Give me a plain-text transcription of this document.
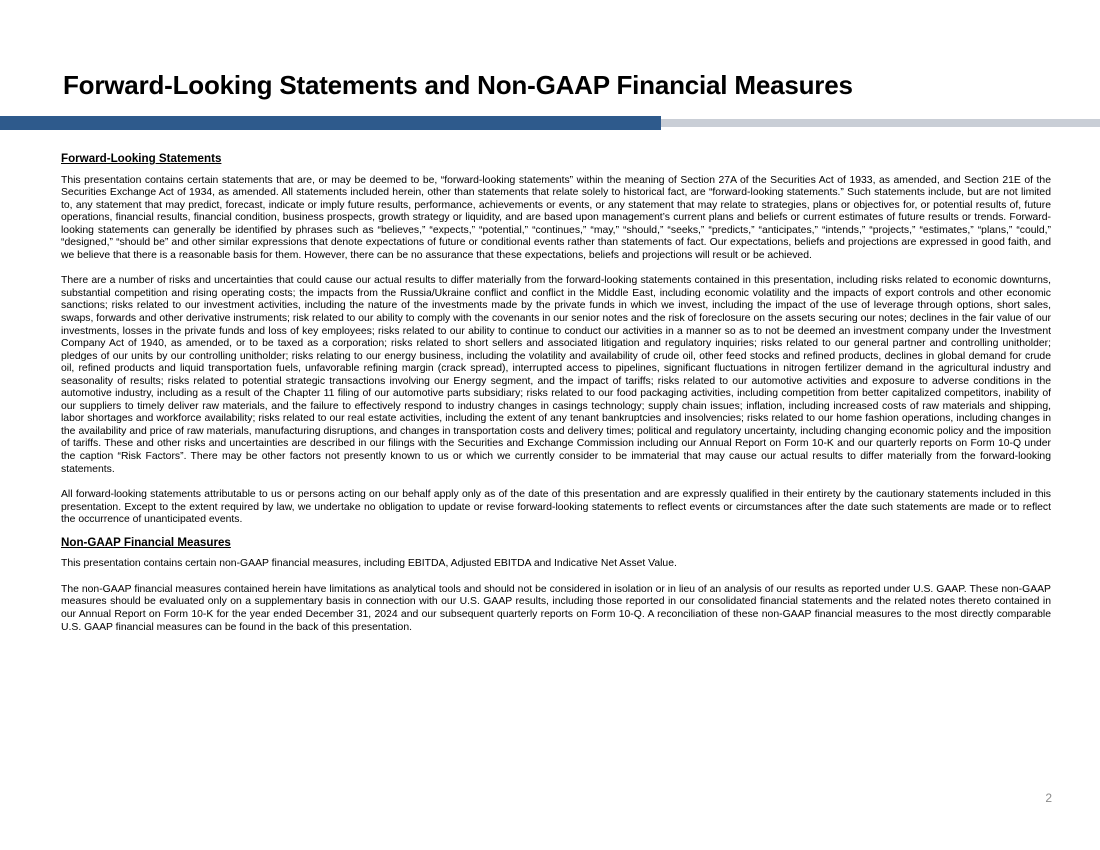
Forward-Looking Statements and Non-GAAP Financial Measures
Forward-Looking Statements

This presentation contains certain statements that are, or may be deemed to be, “forward-looking statements” within the meaning of Section 27A of the Securities Act of 1933, as amended, and Section 21E of the Securities Exchange Act of 1934, as amended. All statements included herein, other than statements that relate solely to historical fact, are “forward-looking statements.” Such statements include, but are not limited to, any statement that may predict, forecast, indicate or imply future results, performance, achievements or events, or any statement that may relate to strategies, plans or objectives for, or potential results of, future operations, financial results, financial condition, business prospects, growth strategy or liquidity, and are based upon management’s current plans and beliefs or current estimates of future results or trends. Forward-looking statements can generally be identified by phrases such as “believes,” “expects,” “potential,” “continues,” “may,” “should,” “seeks,” “predicts,” “anticipates,” “intends,” “projects,” “estimates,” “plans,” “could,” “designed,” “should be” and other similar expressions that denote expectations of future or conditional events rather than statements of fact. Our expectations, beliefs and projections are expressed in good faith, and we believe that there is a reasonable basis for them. However, there can be no assurance that these expectations, beliefs and projections will result or be achieved.

There are a number of risks and uncertainties that could cause our actual results to differ materially from the forward-looking statements contained in this presentation, including risks related to economic downturns, substantial competition and rising operating costs; the impacts from the Russia/Ukraine conflict and conflict in the Middle East, including economic volatility and the impacts of export controls and other economic sanctions; risks related to our investment activities, including the nature of the investments made by the private funds in which we invest, including the impact of the use of leverage through options, short sales, swaps, forwards and other derivative instruments; risk related to our ability to comply with the covenants in our senior notes and the risk of foreclosure on the assets securing our notes; declines in the fair value of our investments, losses in the private funds and loss of key employees; risks related to our ability to continue to conduct our activities in a manner so as to not be deemed an investment company under the Investment Company Act of 1940, as amended, or to be taxed as a corporation; risks related to short sellers and associated litigation and regulatory inquiries; risks related to our general partner and controlling unitholder; pledges of our units by our controlling unitholder; risks relating to our energy business, including the volatility and availability of crude oil, other feed stocks and refined products, declines in global demand for crude oil, refined products and liquid transportation fuels, unfavorable refining margin (crack spread), interrupted access to pipelines, significant fluctuations in nitrogen fertilizer demand in the agricultural industry and seasonality of results; risks related to potential strategic transactions involving our Energy segment, and the impact of tariffs; risks related to our automotive activities and exposure to adverse conditions in the automotive industry, including as a result of the Chapter 11 filing of our automotive parts subsidiary; risks related to our food packaging activities, including competition from better capitalized competitors, inability of our suppliers to timely deliver raw materials, and the failure to effectively respond to industry changes in casings technology; supply chain issues; inflation, including increased costs of raw materials and shipping, labor shortages and workforce availability; risks related to our real estate activities, including the extent of any tenant bankruptcies and insolvencies; risks related to our home fashion operations, including changes in the availability and price of raw materials, manufacturing disruptions, and changes in transportation costs and delivery times; political and regulatory uncertainty, including changing economic policy and the imposition of tariffs. These and other risks and uncertainties are described in our filings with the Securities and Exchange Commission including our Annual Report on Form 10-K and our quarterly reports on Form 10-Q under the caption “Risk Factors”. There may be other factors not presently known to us or which we currently consider to be immaterial that may cause our actual results to differ materially from the forward-looking statements.

All forward-looking statements attributable to us or persons acting on our behalf apply only as of the date of this presentation and are expressly qualified in their entirety by the cautionary statements included in this presentation. Except to the extent required by law, we undertake no obligation to update or revise forward-looking statements to reflect events or circumstances after the date such statements are made or to reflect the occurrence of unanticipated events.

Non-GAAP Financial Measures

This presentation contains certain non-GAAP financial measures, including EBITDA, Adjusted EBITDA and Indicative Net Asset Value.

The non-GAAP financial measures contained herein have limitations as analytical tools and should not be considered in isolation or in lieu of an analysis of our results as reported under U.S. GAAP. These non-GAAP measures should be evaluated only on a supplementary basis in connection with our U.S. GAAP results, including those reported in our consolidated financial statements and the related notes thereto contained in our Annual Report on Form 10-K for the year ended December 31, 2024 and our subsequent quarterly reports on Form 10-Q. A reconciliation of these non-GAAP financial measures to the most directly comparable U.S. GAAP financial measures can be found in the back of this presentation.

2
